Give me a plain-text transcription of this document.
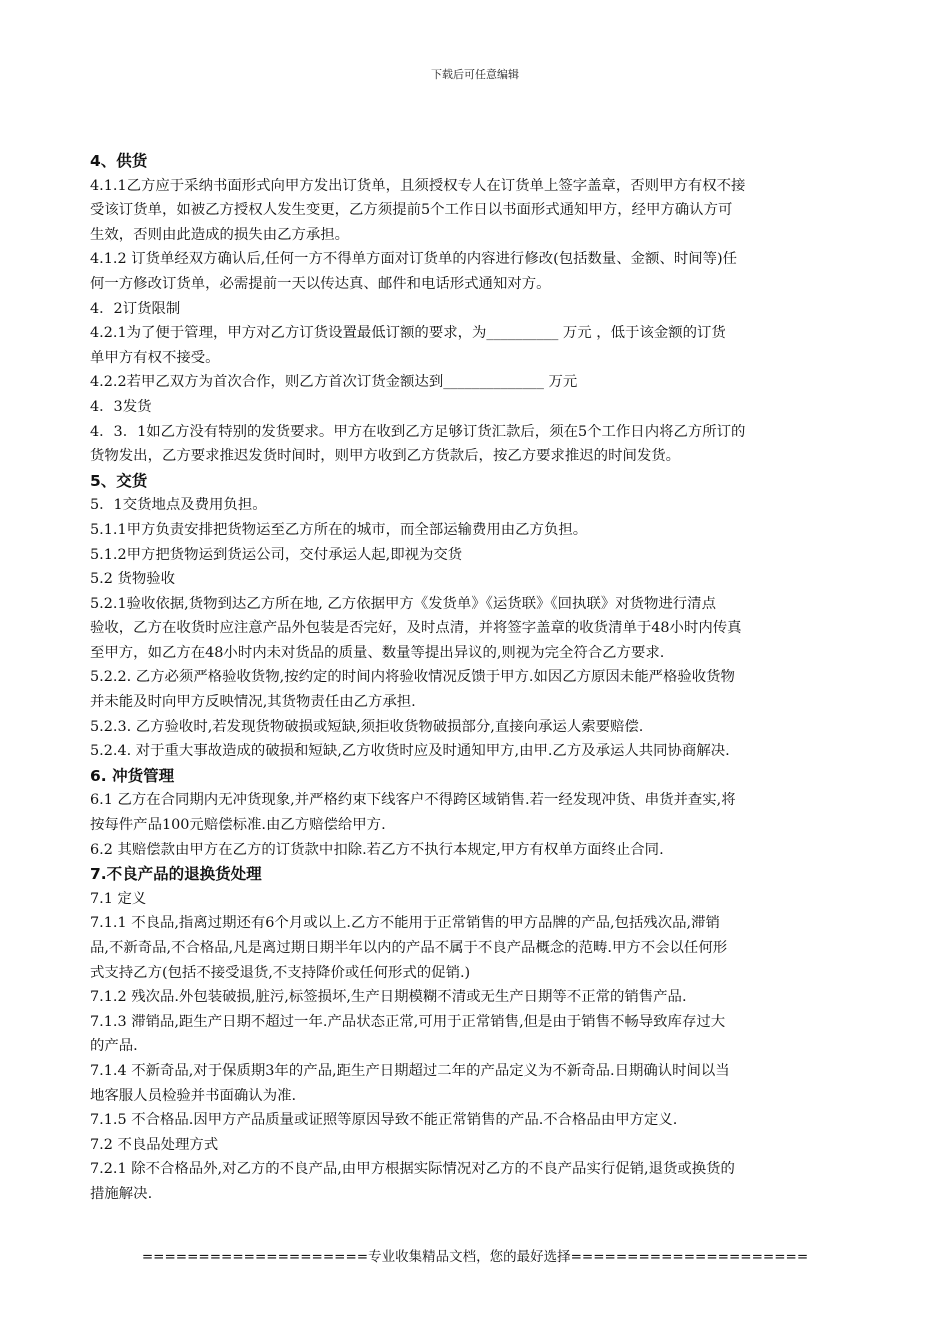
下载后可任意编辑
4、供货
4.1.1乙方应于采纳书面形式向甲方发出订货单，且须授权专人在订货单上签字盖章，否则甲方有权不接
受该订货单，如被乙方授权人发生变更，乙方须提前5个工作日以书面形式通知甲方，经甲方确认方可
生效，否则由此造成的损失由乙方承担。
4.1.2 订货单经双方确认后,任何一方不得单方面对订货单的内容进行修改(包括数量、金额、时间等)任
何一方修改订货单，必需提前一天以传达真、邮件和电话形式通知对方。
4．2订货限制
4.2.1为了便于管理，甲方对乙方订货设置最低订额的要求，为__________ 万元 ，低于该金额的订货
单甲方有权不接受。
4.2.2若甲乙双方为首次合作，则乙方首次订货金额达到______________ 万元
4．3发货
4．3．1如乙方没有特别的发货要求。甲方在收到乙方足够订货汇款后，须在5个工作日内将乙方所订的
货物发出，乙方要求推迟发货时间时，则甲方收到乙方货款后，按乙方要求推迟的时间发货。
5、交货
5．1交货地点及费用负担。
5.1.1甲方负责安排把货物运至乙方所在的城市，而全部运输费用由乙方负担。
5.1.2甲方把货物运到货运公司，交付承运人起,即视为交货
5.2 货物验收
5.2.1验收依据,货物到达乙方所在地, 乙方依据甲方《发货单》《运货联》《回执联》对货物进行清点
验收，乙方在收货时应注意产品外包装是否完好，及时点清，并将签字盖章的收货清单于48小时内传真
至甲方，如乙方在48小时内未对货品的质量、数量等提出异议的,则视为完全符合乙方要求.
5.2.2. 乙方必须严格验收货物,按约定的时间内将验收情况反馈于甲方.如因乙方原因未能严格验收货物
并未能及时向甲方反映情况,其货物责任由乙方承担.
5.2.3. 乙方验收时,若发现货物破损或短缺,须拒收货物破损部分,直接向承运人索要赔偿.
5.2.4. 对于重大事故造成的破损和短缺,乙方收货时应及时通知甲方,由甲.乙方及承运人共同协商解决.
6. 冲货管理
6.1 乙方在合同期内无冲货现象,并严格约束下线客户不得跨区域销售.若一经发现冲货、串货并查实,将
按每件产品100元赔偿标准.由乙方赔偿给甲方.
6.2 其赔偿款由甲方在乙方的订货款中扣除.若乙方不执行本规定,甲方有权单方面终止合同.
7.不良产品的退换货处理
7.1 定义
7.1.1 不良品,指离过期还有6个月或以上.乙方不能用于正常销售的甲方品牌的产品,包括残次品,滞销
品,不新奇品,不合格品,凡是离过期日期半年以内的产品不属于不良产品概念的范畴.甲方不会以任何形
式支持乙方(包括不接受退货,不支持降价或任何形式的促销.)
7.1.2 残次品.外包装破损,脏污,标签损坏,生产日期模糊不清或无生产日期等不正常的销售产品.
7.1.3 滞销品,距生产日期不超过一年.产品状态正常,可用于正常销售,但是由于销售不畅导致库存过大
的产品.
7.1.4 不新奇品,对于保质期3年的产品,距生产日期超过二年的产品定义为不新奇品.日期确认时间以当
地客服人员检验并书面确认为准.
7.1.5 不合格品.因甲方产品质量或证照等原因导致不能正常销售的产品.不合格品由甲方定义.
7.2 不良品处理方式
7.2.1 除不合格品外,对乙方的不良产品,由甲方根据实际情况对乙方的不良产品实行促销,退货或换货的
措施解决.
====================专业收集精品文档，您的最好选择=====================
